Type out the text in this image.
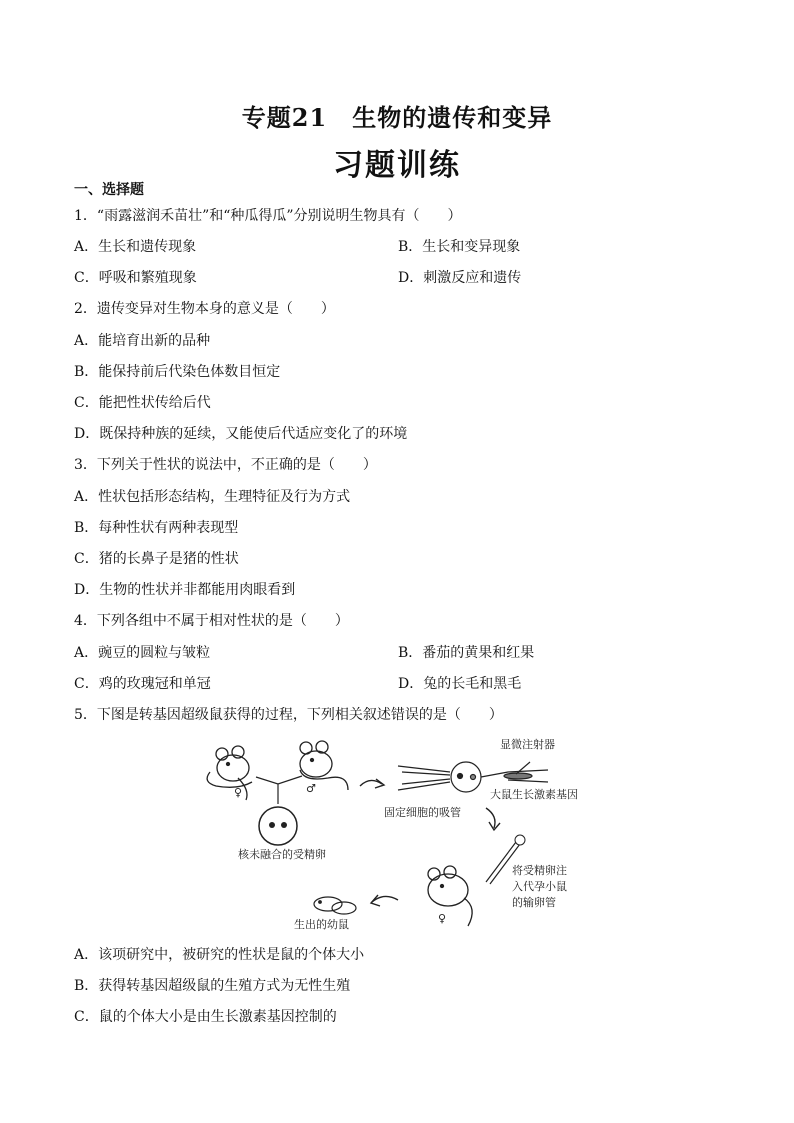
专题21　生物的遗传和变异
习题训练
一、选择题
1．“雨露滋润禾苗壮”和“种瓜得瓜”分别说明生物具有（　　）
A．生长和遗传现象	B．生长和变异现象
C．呼吸和繁殖现象	D．刺激反应和遗传
2．遗传变异对生物本身的意义是（　　）
A．能培育出新的品种
B．能保持前后代染色体数目恒定
C．能把性状传给后代
D．既保持种族的延续，又能使后代适应变化了的环境
3．下列关于性状的说法中，不正确的是（　　）
A．性状包括形态结构，生理特征及行为方式
B．每种性状有两种表现型
C．猪的长鼻子是猪的性状
D．生物的性状并非都能用肉眼看到
4．下列各组中不属于相对性状的是（　　）
A．豌豆的圆粒与皱粒	B．番茄的黄果和红果
C．鸡的玫瑰冠和单冠	D．兔的长毛和黑毛
5．下图是转基因超级鼠获得的过程，下列相关叙述错误的是（　　）
♀	♂
核未融合的受精卵
显微注射器
大鼠生长激素基因
固定细胞的吸管
♀
将受精卵注
入代孕小鼠
的输卵管
生出的幼鼠
A．该项研究中，被研究的性状是鼠的个体大小
B．获得转基因超级鼠的生殖方式为无性生殖
C．鼠的个体大小是由生长激素基因控制的
